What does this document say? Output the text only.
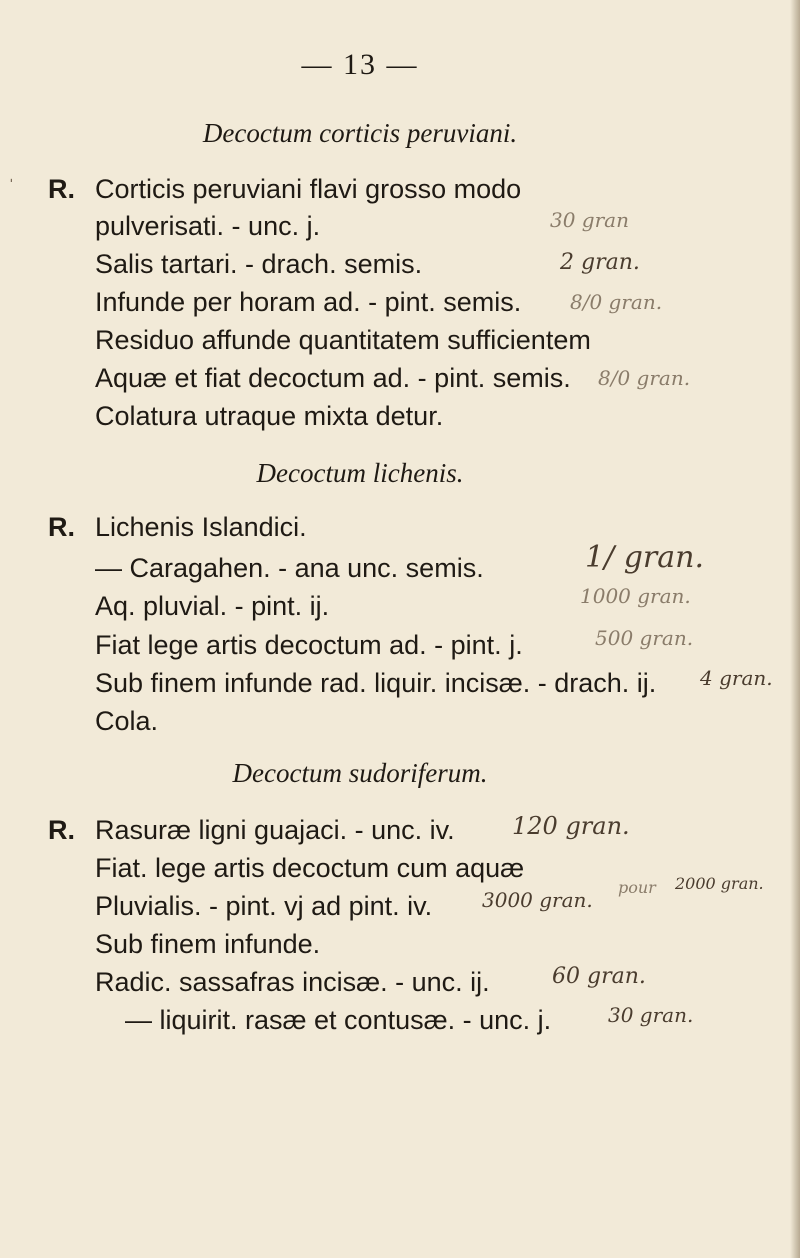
— 13 —
Decoctum corticis peruviani.
ˈ R. Corticis peruviani flavi grosso modo
pulverisati. - unc. j.
Salis tartari. - drach. semis.
Infunde per horam ad. - pint. semis.
Residuo affunde quantitatem sufficientem
Aquæ et fiat decoctum ad. - pint. semis.
Colatura utraque mixta detur.
30 gran
2 gran.
8/0 gran.
8/0 gran.
Decoctum lichenis.
R. Lichenis Islandici.
— Caragahen. - ana unc. semis.
Aq. pluvial. - pint. ij.
Fiat lege artis decoctum ad. - pint. j.
Sub finem infunde rad. liquir. incisæ. - drach. ij.
Cola.
1/ gran.
1000 gran.
500 gran.
4 gran.
Decoctum sudoriferum.
R. Rasuræ ligni guajaci. - unc. iv.
Fiat. lege artis decoctum cum aquæ
Pluvialis. - pint. vj ad pint. iv.
Sub finem infunde.
Radic. sassafras incisæ. - unc. ij.
— liquirit. rasæ et contusæ. - unc. j.
120 gran.
3000 gran.
pour 2000 gran.
60 gran.
30 gran.
